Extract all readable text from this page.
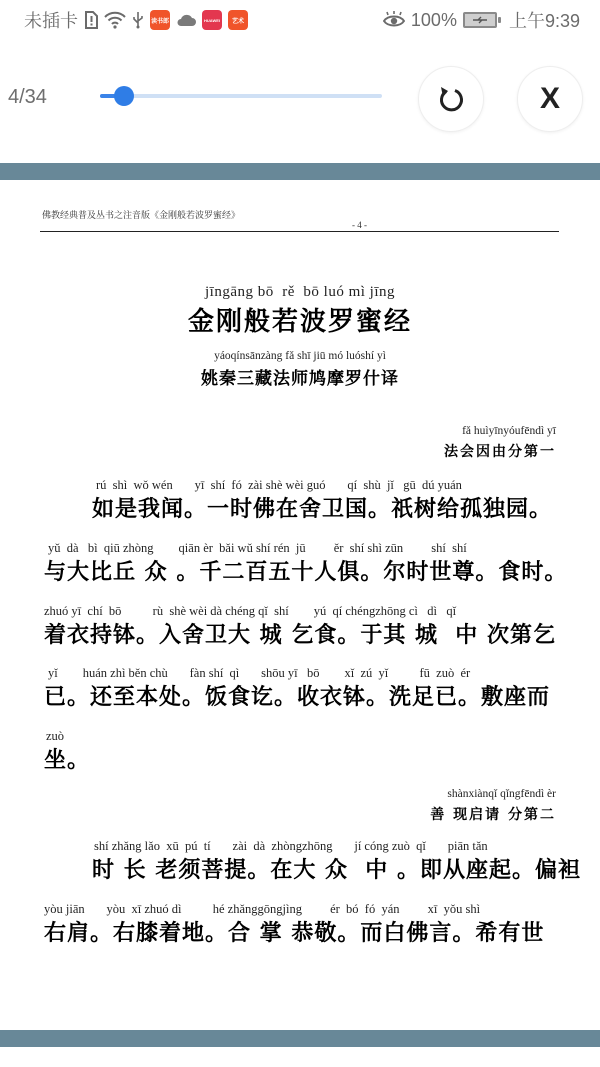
未插卡	读书郎	HUAWEI 艺术	100%	上午9:39
4/34	X
佛教经典普及丛书之注音版《金刚般若波罗蜜经》
- 4 -
jīngāng bō  rě  bō luó mì jīng
金刚般若波罗蜜经
yáoqínsānzàng fǎ shī jiū mó luóshí yì
姚秦三藏法师鸠摩罗什译
fǎ huìyīnyóufēndì yī
法会因由分第一
rú  shì  wǒ wén       yī  shí  fó  zài shè wèi guó       qí  shù  jǐ   gū  dú yuán
如是我闻。一时佛在舍卫国。祇树给孤独园。
yǔ  dà   bì  qiū zhòng        qiān èr  bǎi wǔ shí rén  jū         ěr  shí shì zūn         shí  shí
与大比丘 众 。千二百五十人俱。尔时世尊。食时。
zhuó yī  chí  bō          rù  shè wèi dà chéng qǐ  shí        yú  qí chéngzhōng cì   dì   qǐ
着衣持钵。入舍卫大 城 乞食。于其 城  中 次第乞
yǐ        huán zhì běn chù       fàn shí  qì       shōu yī   bō        xǐ  zú  yǐ          fū  zuò  ér
已。还至本处。饭食讫。收衣钵。洗足已。敷座而
zuò
坐。
shànxiànqǐ qǐngfēndì èr
善 现启请 分第二
shí zhǎng lǎo  xū  pú  tí       zài  dà  zhòngzhōng       jí cóng zuò  qǐ       piān tǎn
时 长 老须菩提。在大 众  中 。即从座起。偏袒
yòu jiān       yòu  xī zhuó dì          hé zhǎnggōngjìng         ér  bó  fó  yán         xī  yǒu shì
右肩。右膝着地。合 掌 恭敬。而白佛言。希有世
